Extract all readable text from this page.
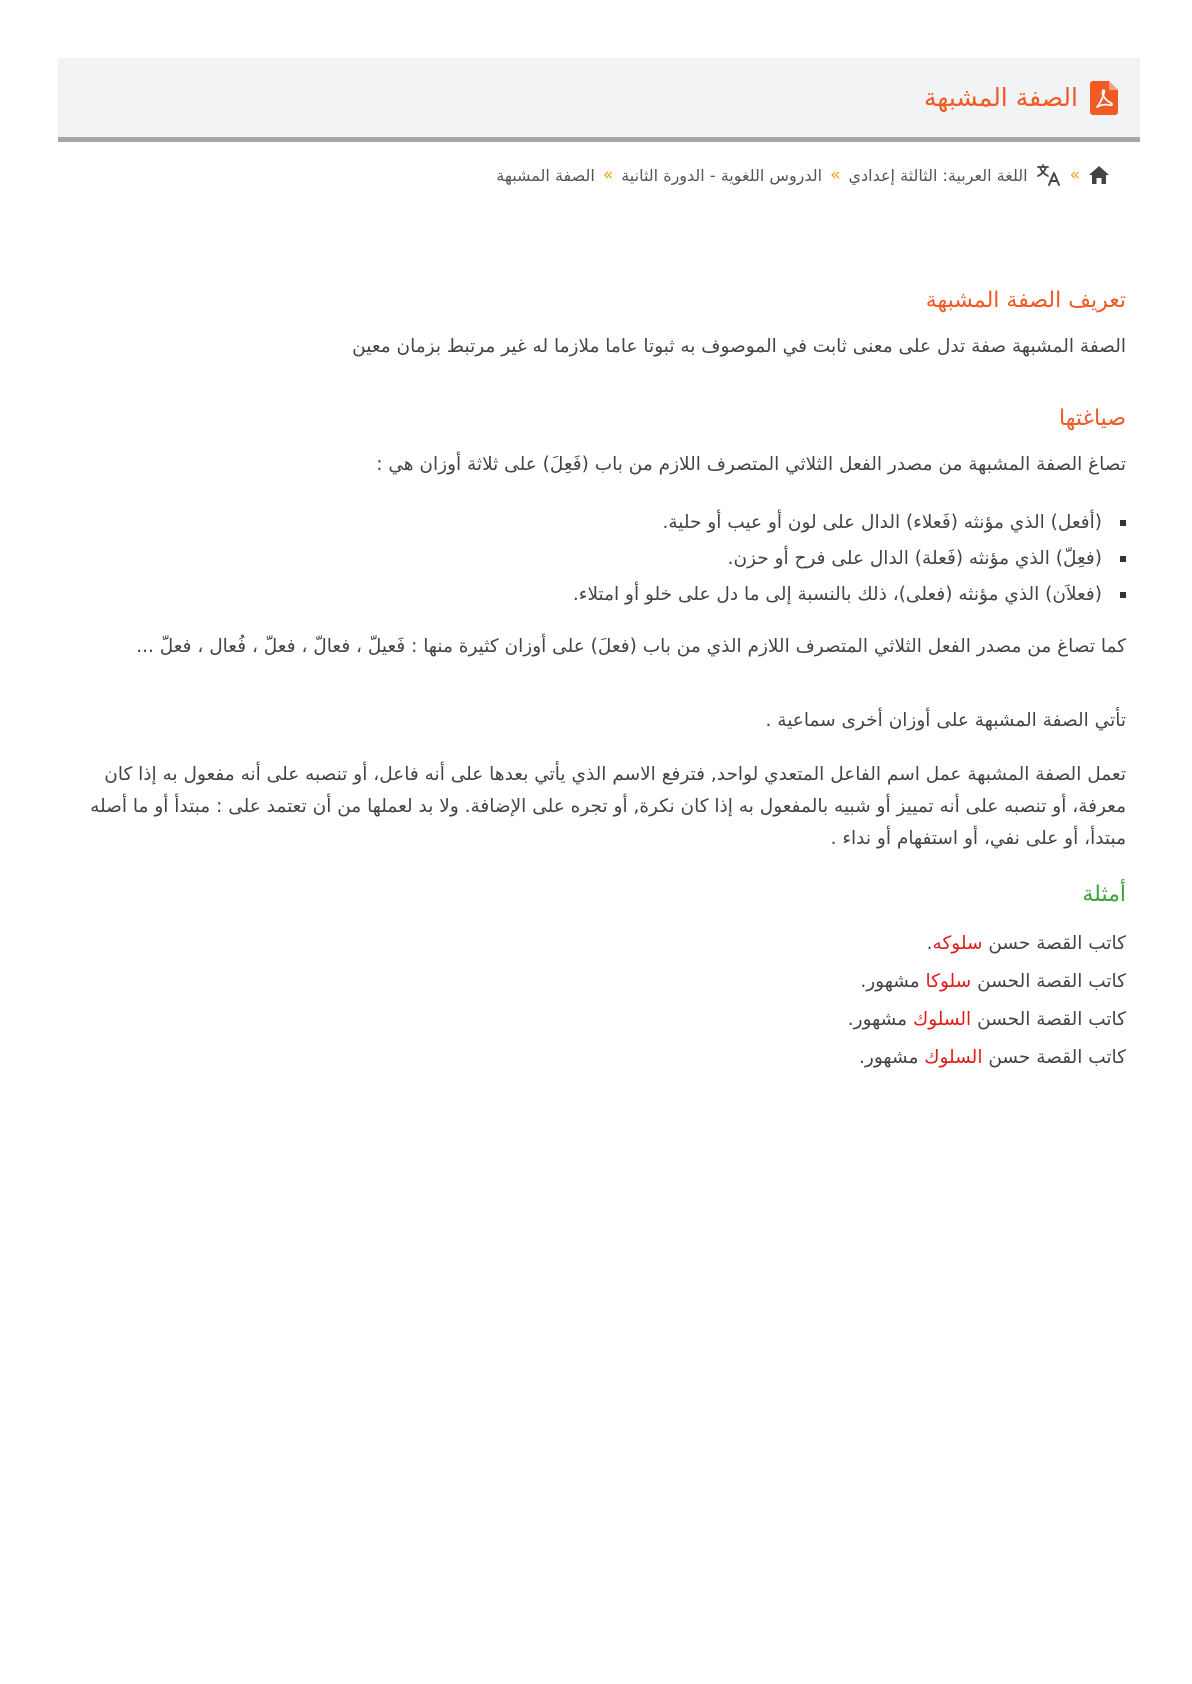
الصفة المشبهة
»
اللغة العربية: الثالثة إعدادي
»
الدروس اللغوية - الدورة الثانية
»
الصفة المشبهة
تعريف الصفة المشبهة

الصفة المشبهة صفة تدل على معنى ثابت في الموصوف به ثبوتا عاما ملازما له غير مرتبط بزمان معين

صياغتها

تصاغ الصفة المشبهة من مصدر الفعل الثلاثي المتصرف اللازم من باب (فَعِلَ) على ثلاثة أوزان هي :

(أفعل) الذي مؤنثه (فَعلاء) الدال على لون أو عيب أو حلية.
(فعِلّ) الذي مؤنثه (فَعلة) الدال على فرح أو حزن.
(فعلاَن) الذي مؤنثه (فعلى)، ذلك بالنسبة إلى ما دل على خلو أو امتلاء.

كما تصاغ من مصدر الفعل الثلاثي المتصرف اللازم الذي من باب (فعلَ) على أوزان كثيرة منها : فَعيلّ ، فعالّ ، فعلّ ، فُعال ، فعلّ ...

تأتي الصفة المشبهة على أوزان أخرى سماعية .

تعمل الصفة المشبهة عمل اسم الفاعل المتعدي لواحد, فترفع الاسم الذي يأتي بعدها على أنه فاعل، أو تنصبه على أنه مفعول به إذا كان معرفة، أو تنصبه على أنه تمييز أو شبيه بالمفعول به إذا كان نكرة, أو تجره على الإضافة. ولا بد لعملها من أن تعتمد على : مبتدأ أو ما أصله مبتدأ، أو على نفي، أو استفهام أو نداء .

أمثلة

كاتب القصة حسن سلوكه.

كاتب القصة الحسن سلوكا مشهور.

كاتب القصة الحسن السلوك مشهور.

كاتب القصة حسن السلوك مشهور.
